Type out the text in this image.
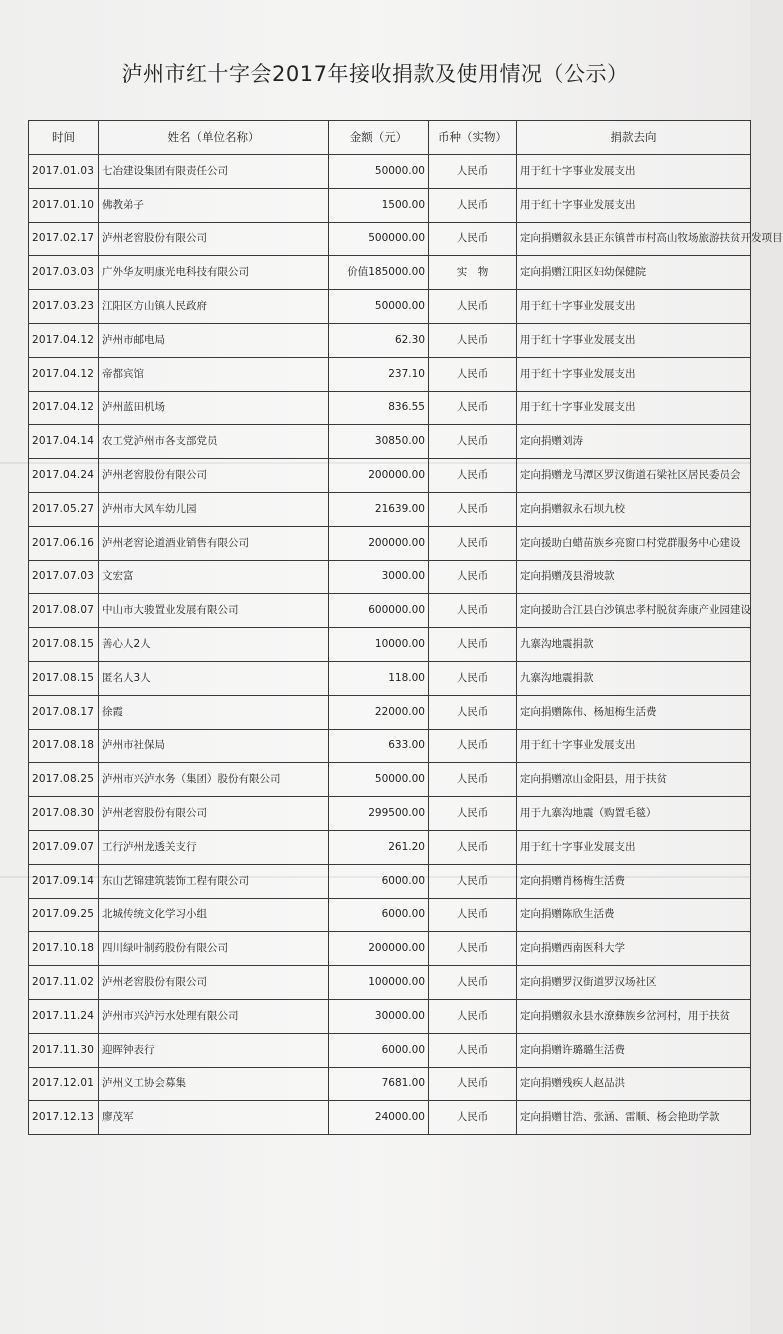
泸州市红十字会2017年接收捐款及使用情况（公示）
时间	姓名（单位名称）	金额（元）	币种（实物）	捐款去向
2017.01.03	七冶建设集团有限责任公司	50000.00	人民币	用于红十字事业发展支出
2017.01.10	佛教弟子	1500.00	人民币	用于红十字事业发展支出
2017.02.17	泸州老窖股份有限公司	500000.00	人民币	定向捐赠叙永县正东镇普市村高山牧场旅游扶贫开发项目
2017.03.03	广外华友明康光电科技有限公司	价值185000.00	实　物	定向捐赠江阳区妇幼保健院
2017.03.23	江阳区方山镇人民政府	50000.00	人民币	用于红十字事业发展支出
2017.04.12	泸州市邮电局	62.30	人民币	用于红十字事业发展支出
2017.04.12	帝都宾馆	237.10	人民币	用于红十字事业发展支出
2017.04.12	泸州蓝田机场	836.55	人民币	用于红十字事业发展支出
2017.04.14	农工党泸州市各支部党员	30850.00	人民币	定向捐赠刘涛
2017.04.24	泸州老窖股份有限公司	200000.00	人民币	定向捐赠龙马潭区罗汉街道石梁社区居民委员会
2017.05.27	泸州市大风车幼儿园	21639.00	人民币	定向捐赠叙永石坝九校
2017.06.16	泸州老窖论道酒业销售有限公司	200000.00	人民币	定向援助白蜡苗族乡亮窗口村党群服务中心建设
2017.07.03	文宏富	3000.00	人民币	定向捐赠茂县滑坡款
2017.08.07	中山市大骏置业发展有限公司	600000.00	人民币	定向援助合江县白沙镇忠孝村脱贫奔康产业园建设
2017.08.15	善心人2人	10000.00	人民币	九寨沟地震捐款
2017.08.15	匿名人3人	118.00	人民币	九寨沟地震捐款
2017.08.17	徐霞	22000.00	人民币	定向捐赠陈伟、杨旭梅生活费
2017.08.18	泸州市社保局	633.00	人民币	用于红十字事业发展支出
2017.08.25	泸州市兴泸水务（集团）股份有限公司	50000.00	人民币	定向捐赠凉山金阳县，用于扶贫
2017.08.30	泸州老窖股份有限公司	299500.00	人民币	用于九寨沟地震（购置毛毯）
2017.09.07	工行泸州龙透关支行	261.20	人民币	用于红十字事业发展支出
2017.09.14	东山艺锦建筑装饰工程有限公司	6000.00	人民币	定向捐赠肖杨梅生活费
2017.09.25	北城传统文化学习小组	6000.00	人民币	定向捐赠陈欣生活费
2017.10.18	四川绿叶制药股份有限公司	200000.00	人民币	定向捐赠西南医科大学
2017.11.02	泸州老窖股份有限公司	100000.00	人民币	定向捐赠罗汉街道罗汉场社区
2017.11.24	泸州市兴泸污水处理有限公司	30000.00	人民币	定向捐赠叙永县水潦彝族乡岔河村，用于扶贫
2017.11.30	迎晖钟表行	6000.00	人民币	定向捐赠许璐璐生活费
2017.12.01	泸州义工协会募集	7681.00	人民币	定向捐赠残疾人赵品洪
2017.12.13	廖茂军	24000.00	人民币	定向捐赠甘浩、张涵、雷顺、杨会艳助学款
